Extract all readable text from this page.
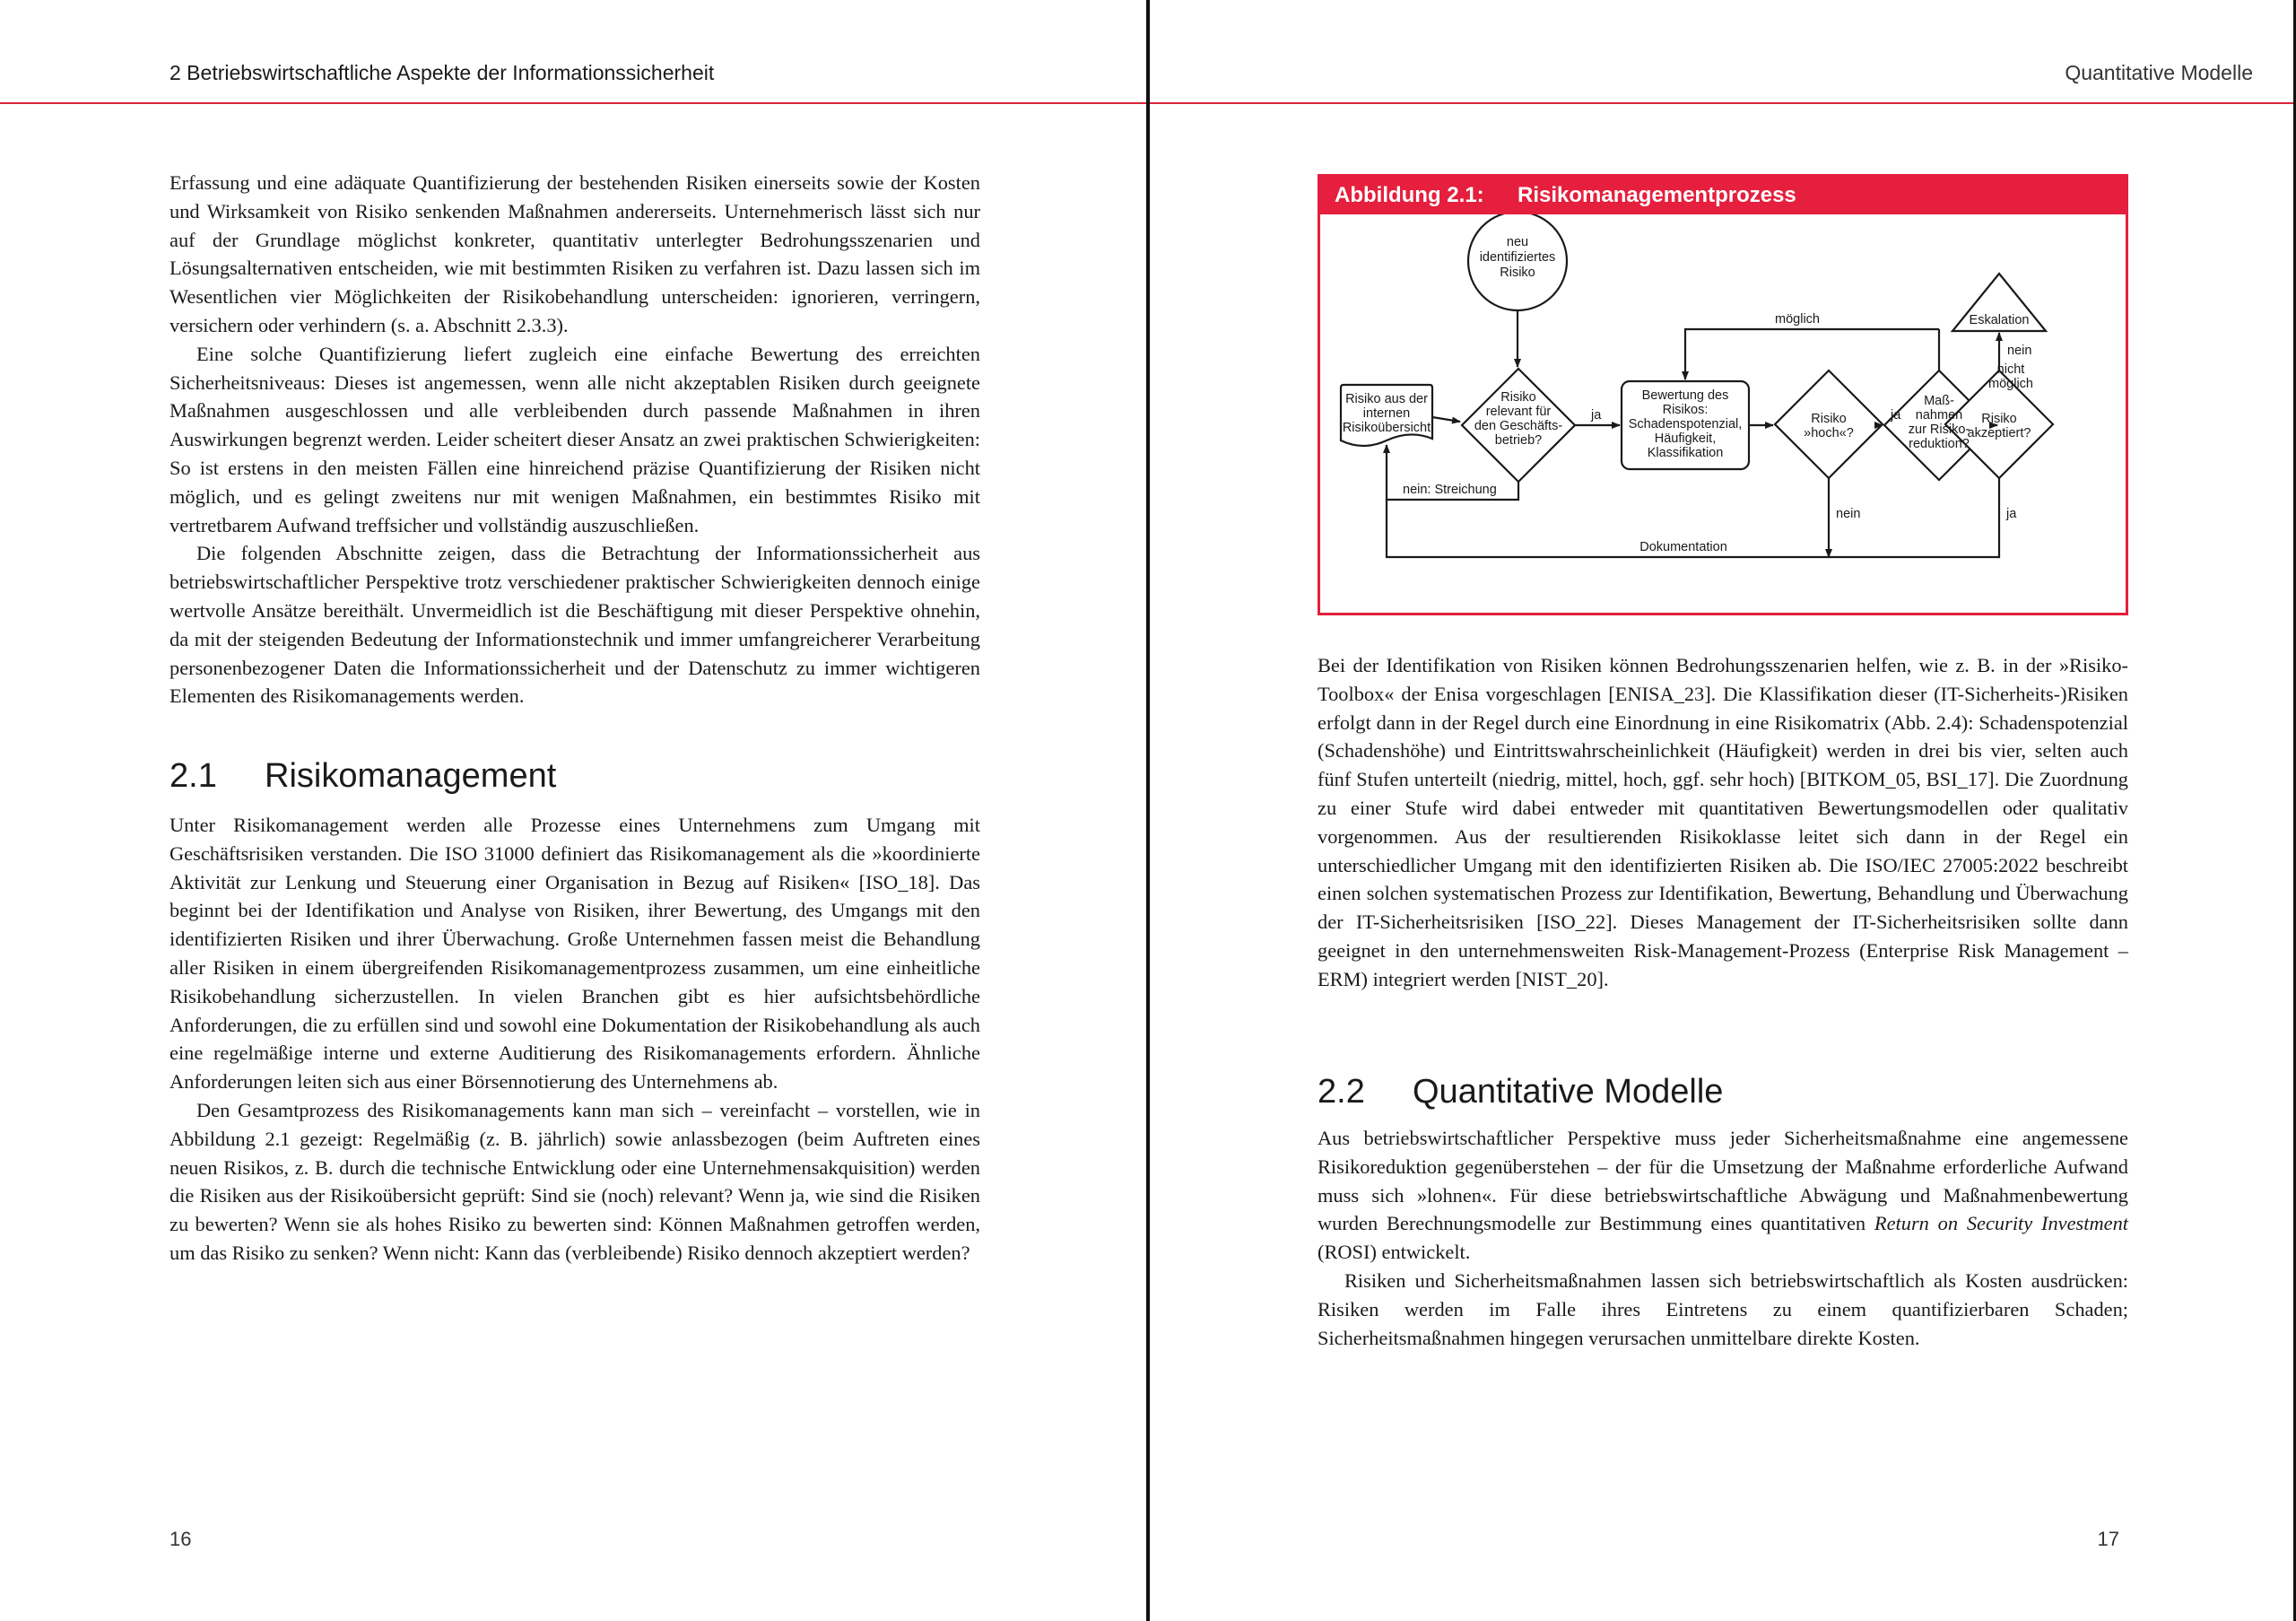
2 Betriebswirtschaftliche Aspekte der Informationssicherheit

Erfassung und eine adäquate Quantifizierung der bestehenden Risiken einerseits sowie der Kosten und Wirksamkeit von Risiko senkenden Maßnahmen andererseits. Unternehmerisch lässt sich nur auf der Grundlage möglichst konkreter, quantitativ unterlegter Bedrohungsszenarien und Lösungsalternativen entscheiden, wie mit bestimmten Risiken zu verfahren ist. Dazu lassen sich im Wesentlichen vier Möglichkeiten der Risikobehandlung unterscheiden: ignorieren, verringern, versichern oder verhindern (s. a. Abschnitt 2.3.3).

Eine solche Quantifizierung liefert zugleich eine einfache Bewertung des erreichten Sicherheitsniveaus: Dieses ist angemessen, wenn alle nicht akzeptablen Risiken durch geeignete Maßnahmen ausgeschlossen und alle verbleibenden durch passende Maßnahmen in ihren Auswirkungen begrenzt werden. Leider scheitert dieser Ansatz an zwei praktischen Schwierigkeiten: So ist erstens in den meisten Fällen eine hinreichend präzise Quantifizierung der Risiken nicht möglich, und es gelingt zweitens nur mit wenigen Maßnahmen, ein bestimmtes Risiko mit vertretbarem Aufwand treffsicher und vollständig auszuschließen.

Die folgenden Abschnitte zeigen, dass die Betrachtung der Informationssicherheit aus betriebswirtschaftlicher Perspektive trotz verschiedener praktischer Schwierigkeiten dennoch einige wertvolle Ansätze bereithält. Unvermeidlich ist die Beschäftigung mit dieser Perspektive ohnehin, da mit der steigenden Bedeutung der Informationstechnik und immer umfangreicherer Verarbeitung personenbezogener Daten die Informationssicherheit und der Datenschutz zu immer wichtigeren Elementen des Risikomanagements werden.

2.1 Risikomanagement

Unter Risikomanagement werden alle Prozesse eines Unternehmens zum Umgang mit Geschäftsrisiken verstanden. Die ISO 31000 definiert das Risikomanagement als die »koordinierte Aktivität zur Lenkung und Steuerung einer Organisation in Bezug auf Risiken« [ISO_18]. Das beginnt bei der Identifikation und Analyse von Risiken, ihrer Bewertung, des Umgangs mit den identifizierten Risiken und ihrer Überwachung. Große Unternehmen fassen meist die Behandlung aller Risiken in einem übergreifenden Risikomanagementprozess zusammen, um eine einheitliche Risikobehandlung sicherzustellen. In vielen Branchen gibt es hier aufsichtsbehördliche Anforderungen, die zu erfüllen sind und sowohl eine Dokumentation der Risikobehandlung als auch eine regelmäßige interne und externe Auditierung des Risikomanagements erfordern. Ähnliche Anforderungen leiten sich aus einer Börsennotierung des Unternehmens ab.

Den Gesamtprozess des Risikomanagements kann man sich – vereinfacht – vorstellen, wie in Abbildung 2.1 gezeigt: Regelmäßig (z. B. jährlich) sowie anlassbezogen (beim Auftreten eines neuen Risikos, z. B. durch die technische Entwicklung oder eine Unternehmensakquisition) werden die Risiken aus der Risikoübersicht geprüft: Sind sie (noch) relevant? Wenn ja, wie sind die Risiken zu bewerten? Wenn sie als hohes Risiko zu bewerten sind: Können Maßnahmen getroffen werden, um das Risiko zu senken? Wenn nicht: Kann das (verbleibende) Risiko dennoch akzeptiert werden?

16
Quantitative Modelle
Abbildung 2.1: Risikomanagementprozess
neu
identifiziertes
Risiko
Risiko aus der
internen
Risikoübersicht
Risiko
relevant für
den Geschäfts-
betrieb?
Bewertung des
Risikos:
Schadenspotenzial,
Häufigkeit,
Klassifikation
Risiko
»hoch«?
Maß-
nahmen
zur Risiko-
reduktion?
Risiko
akzeptiert?
Eskalation
ja	ja
möglich
nicht
möglich
nein
nein: Streichung
nein	ja
Dokumentation

Bei der Identifikation von Risiken können Bedrohungsszenarien helfen, wie z. B. in der »Risiko-Toolbox« der Enisa vorgeschlagen [ENISA_23]. Die Klassifikation dieser (IT-Sicherheits-)Risiken erfolgt dann in der Regel durch eine Einordnung in eine Risikomatrix (Abb. 2.4): Schadenspotenzial (Schadenshöhe) und Eintrittswahrscheinlichkeit (Häufigkeit) werden in drei bis vier, selten auch fünf Stufen unterteilt (niedrig, mittel, hoch, ggf. sehr hoch) [BITKOM_05, BSI_17]. Die Zuordnung zu einer Stufe wird dabei entweder mit quantitativen Bewertungsmodellen oder qualitativ vorgenommen. Aus der resultierenden Risikoklasse leitet sich dann in der Regel ein unterschiedlicher Umgang mit den identifizierten Risiken ab. Die ISO/IEC 27005:2022 beschreibt einen solchen systematischen Prozess zur Identifikation, Bewertung, Behandlung und Überwachung der IT-Sicherheitsrisiken [ISO_22]. Dieses Management der IT-Sicherheitsrisiken sollte dann geeignet in den unternehmensweiten Risk-Management-Prozess (Enterprise Risk Management – ERM) integriert werden [NIST_20].

2.2 Quantitative Modelle

Aus betriebswirtschaftlicher Perspektive muss jeder Sicherheitsmaßnahme eine angemessene Risikoreduktion gegenüberstehen – der für die Umsetzung der Maßnahme erforderliche Aufwand muss sich »lohnen«. Für diese betriebswirtschaftliche Abwägung und Maßnahmenbewertung wurden Berechnungsmodelle zur Bestimmung eines quantitativen Return on Security Investment (ROSI) entwickelt.

Risiken und Sicherheitsmaßnahmen lassen sich betriebswirtschaftlich als Kosten ausdrücken: Risiken werden im Falle ihres Eintretens zu einem quantifizierbaren Schaden; Sicherheitsmaßnahmen hingegen verursachen unmittelbare direkte Kosten.

17
